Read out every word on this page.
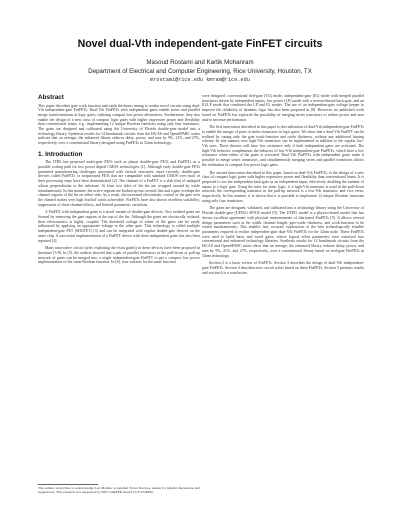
Novel dual-Vth independent-gate FinFET circuits
Masoud Rostami and Kartik Mohanram
Department of Electrical and Computer Engineering, Rice University, Houston, TX
mrostami@rice.edu kmram@rice.edu
Abstract

This paper describes gate work function and oxide thickness tuning to realize novel circuits using dual-Vth independent-gate FinFETs. Dual-Vth FinFETs with independent gates enable series and parallel merge transformations in logic gates, realizing compact low power alternatives. Furthermore, they also enable the design of a new class of compact logic gates with higher expressive power and flexibility than conventional forms, e.g., implementing 12 unique Boolean functions using only four transistors. The gates are designed and calibrated using the University of Florida double-gate model into a technology library. Synthesis results for 14 benchmark circuits from the ISCAS and OpenSPARC suites indicate that on average, the enhanced library reduces delay, power, and area by 9%, 21%, and 27%, respectively, over a conventional library designed using FinFETs in 32nm technology.

1. Introduction

The ITRS has proposed multi-gate FETs such as planar double-gate FETs and FinFETs as a possible scaling path for low power digital CMOS technologies [1]. Although early double-gate FETs presented manufacturing challenges associated with vertical structures, more recently, double-gate devices called FinFETs or wraparound FETs that are compatible with standard CMOS over most of their processing steps have been demonstrated [2]. The channel of a FinFET is a slab (fin) of undoped silicon perpendicular to the substrate. At least two sides of the fin are wrapped around by oxide simultaneously. In this manner, the active regions are broken up into several fins and a gate overlaps the channel regions of the fin on either side. As a result, the increased electrostatic control of the gate over the channel makes very high Ion/Ioff ratios achievable. FinFETs have also shown excellent scalability, suppression of short channel effects, and limited parametric variations.

A FinFET with independent gates is a novel variant of double-gate devices. Two isolated gates are formed by removing the gate regions at the top of the fin. Although the gates are electrically isolated, their electrostatics is highly coupled. The threshold voltage of either of the gates can be easily influenced by applying an appropriate voltage to the other gate. This technology is called multiple independent-gate FET (MIGFET) [3] and can be integrated with regular double-gate devices on the same chip. A successful implementation of a FinFET device with three independent gates has also been reported [4].

Many innovative circuit styles exploiting the extra gate(s) in these devices have been proposed in literature [5-8]. In [5], the authors showed that a pair of parallel transistors in the pull-down or pull-up network of gates can be merged into a single independent-gate FinFET to get a compact low power implementation of the same Boolean function. In [6], four variants for the same function

were designed: conventional tied-gate (TG) mode, independent-gate (IG) mode with merged parallel transistors driven by independent inputs, low power (LP) mode with a reverse-biased back-gate, and an IG/LP mode that combined the LP and IG modes. The use of an independent-gate voltage keeper to improve the reliability of dynamic logic has also been proposed in [8]. However, no published work found on FinFETs has explored the possibility of merging series transistors to reduce power and area and/or increase performance.

The first innovation described in this paper is the realization of dual-Vth independent-gate FinFETs to enable the merger of pairs of series transistors in logic gates. We show that a dual-Vth FinFET can be realized by tuning only the gate work-function and oxide thickness, without any additional biasing scheme. In this manner, new high-Vth transistors can be implemented in addition to the regular low-Vth ones. These devices will have low resistance only if both independent gates are activated. The high-Vth behavior complements the behavior of low-Vth independent-gate FinFETs, which have a low resistance when either of the gates is activated. Dual-Vth FinFETs with independent gates make it possible to merge series transistors, and simultaneously merging series and parallel transistors allows the realization of compact low power logic gates.

The second innovation described in this paper, based on dual-Vth FinFETs, is the design of a new class of compact logic gates with higher expressive power and flexibility than conventional forms. It is proposed to use the independent back-gate as an independent input, effectively doubling the number of inputs to a logic gate. Using the rules for static logic, if a high-Vth transistor is used in the pull-down network, the corresponding transistor in the pull-up network is a low-Vth transistor, and vice versa, respectively. In this manner, it is shown that it is possible to implement 12 unique Boolean functions using only four transistors.

The gates are designed, validated, and calibrated into a technology library using the University of Florida double-gate (UFDG) SPICE model [9]. The UFDG model is a physics-based model that has shown excellent agreement with physical measurements of fabricated FinFETs [9]. It allows several design parameters such as fin width, channel length, gate-oxide thickness, and work-function to be varied simultaneously. This enables fast, accurate exploration of the best technologically feasible parameters required to realize independent-gate dual-Vth FinFETs for the 32nm node. These FinFETs were used to build basic and novel gates, whose logical effort parameters were extracted into conventional and enhanced technology libraries. Synthesis results for 14 benchmark circuits from the ISCAS and OpenSPARC suites show that on average, the enhanced library reduces delay, power, and area by 9%, 21%, and 27%, respectively, over a conventional library based on tied-gate FinFETs in 32nm technology.

Section 2 is a basic review of FinFETs. Section 3 describes the design of dual-Vth independent-gate FinFETs. Section 4 describes new circuit styles based on these FinFETs. Section 5 presents results and section 6 is a conclusion.

The authors would like to acknowledge Leo Mathew at Applied Novel Devices, Austin for helpful discussions and suggestions. This research was supported by NSF CAREER Award CCF-0746850.
